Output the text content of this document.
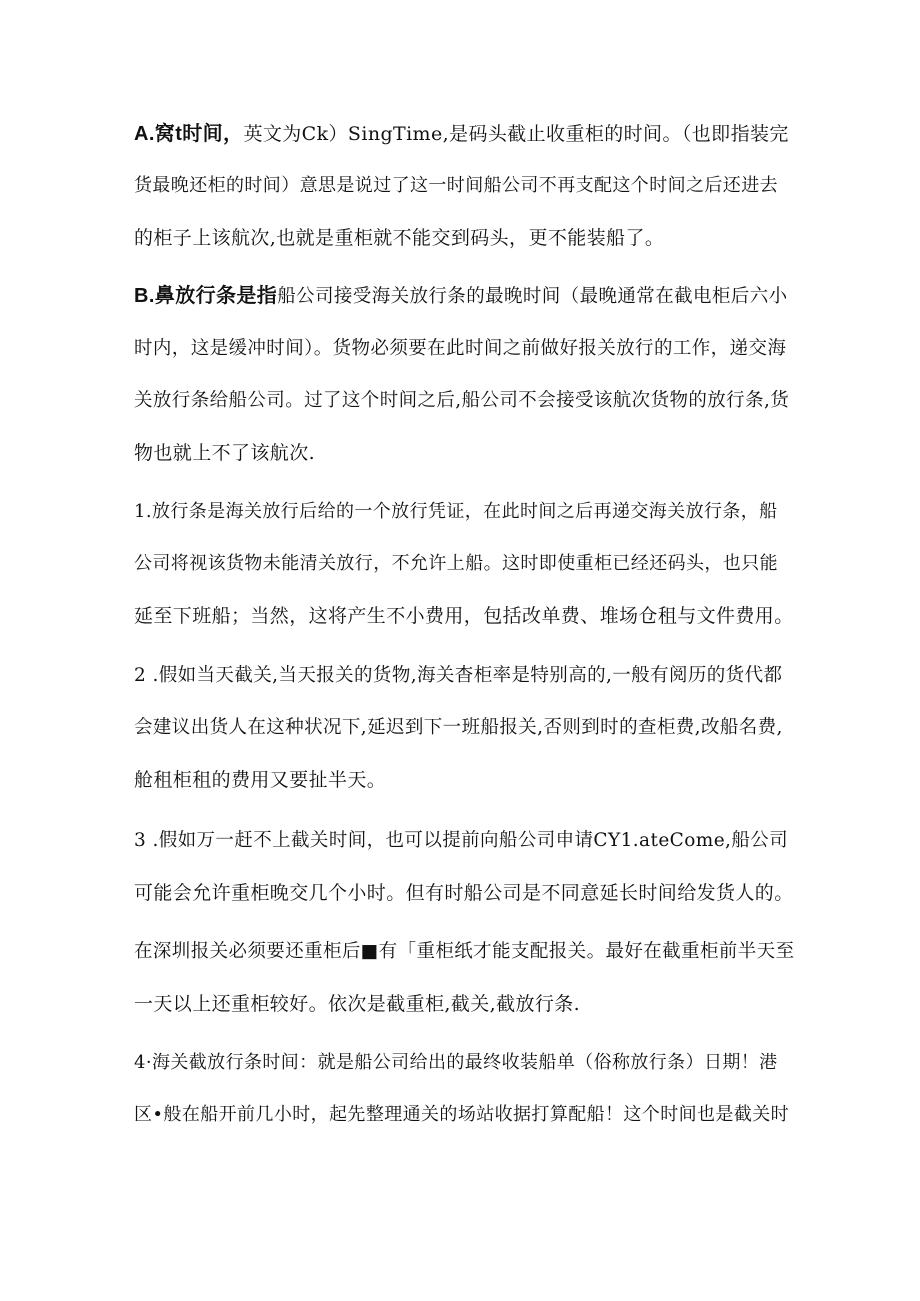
A.窝t时间，英文为Ck）SingTime,是码头截止收重柜的时间。（也即指装完
货最晚还柜的时间）意思是说过了这一时间船公司不再支配这个时间之后还进去
的柜子上该航次,也就是重柜就不能交到码头，更不能装船了。

B.鼻放行条是指船公司接受海关放行条的最晚时间（最晚通常在截电柜后六小
时内，这是缓冲时间）。货物必须要在此时间之前做好报关放行的工作，递交海
关放行条给船公司。过了这个时间之后,船公司不会接受该航次货物的放行条,货
物也就上不了该航次.

1.放行条是海关放行后给的一个放行凭证，在此时间之后再递交海关放行条，船
公司将视该货物未能清关放行，不允许上船。这时即使重柜已经还码头，也只能
延至下班船；当然，这将产生不小费用，包括改单费、堆场仓租与文件费用。

2 .假如当天截关,当天报关的货物,海关杳柜率是特别高的,一般有阅历的货代都
会建议出货人在这种状况下,延迟到下一班船报关,否则到时的查柜费,改船名费,
舱租柜租的费用又要扯半天。

3 .假如万一赶不上截关时间，也可以提前向船公司申请CY1.ateCome,船公司
可能会允许重柜晚交几个小时。但有时船公司是不同意延长时间给发货人的。

在深圳报关必须要还重柜后■有「重柜纸才能支配报关。最好在截重柜前半天至
一天以上还重柜较好。依次是截重柜,截关,截放行条.

4·海关截放行条时间：就是船公司给出的最终收装船单（俗称放行条）日期！港
区•般在船开前几小时，起先整理通关的场站收据打算配船！这个时间也是截关时
